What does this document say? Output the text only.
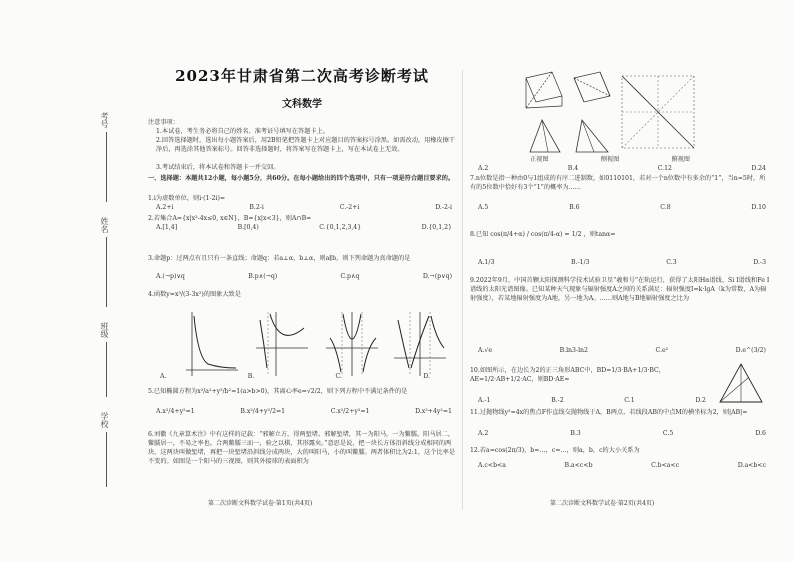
考号
姓名
班级
学校
2023年甘肃省第二次高考诊断考试
文科数学
注意事项：
1.本试卷，考生务必将自己的姓名、准考证号填写在答题卡上。
2.回答选择题时，选出每小题答案后，用2B铅笔把答题卡上对应题目的答案标号涂黑。如需改动，用橡皮擦干净后，再选涂其他答案标号。回答非选择题时，将答案写在答题卡上，写在本试卷上无效。
3.考试结束后，将本试卷和答题卡一并交回。
一、选择题：本题共12小题，每小题5分，共60分。在每小题给出的四个选项中，只有一项是符合题目要求的。
1.i为虚数单位，则i·(1-2i)=
A.2+i	B.2-i	C.-2+i	D.-2-i
2.若集合A={x|x²-4x≤0, x∈N}，B={x|x<3}，则A∩B=
A.[1,4]	B.[0,4)	C.{0,1,2,3,4}	D.{0,1,2}
3.命题p：过两点有且只有一条直线；命题q：若a⊥α，b⊥α，则a∥b，则下列命题为真命题的是
A.(¬p)∨q	B.p∧(¬q)	C.p∧q	D.¬(p∨q)
4.函数y=x³/(3-3x²)的图象大致是
A.	B.	C.	D.
5.已知椭圆方程为x²/a²+y²/b²=1(a>b>0)，其离心率e=√2/2，则下列方程中不满足条件的是
A.x²/4+y²=1	B.x²/4+y²/2=1	C.x²/2+y²=1	D.x²+4y²=1
6.刘徽《九章算术注》中有这样的记载：“邪解立方，得两堑堵。邪解堑堵，其一为阳马，一为鳖臑。阳马居二，鳖臑居一，不易之率也。合两鳖臑三而一，验之以棋，其形露矣。”意思是说，把一块长方体沿斜线分成相同的两块，这两块叫做堑堵，再把一块堑堵沿斜线分成两块，大的叫阳马，小的叫鳖臑。两者体积比为2:1，这个比率是不变的。如图是一个阳马的三视图，则其外接球的表面积为
第二次诊断文科数学试卷·第1页(共4页)
正视图	侧视图	俯视图
A.2	B.4	C.12	D.24
7.n位数是指一种由0与1组成的有序二进制数，如0110101，若对一个n位数中有多余的“1”，当n=5时，所有的5位数中恰好有3个“1”的概率为……
A.5	B.6	C.8	D.10
8.已知 cos(π/4+α) / cos(π/4-α) = 1/2 ，则tanα=
A.1/3	B.-1/3	C.3	D.-3
9.2022年9月，中国首颗太阳探测科学技术试验卫星“羲和号”在轨运行，获得了太阳Hα谱线、Si Ⅰ谱线和Fe Ⅰ谱线的太阳光谱图像。已知某种天气现象与辐射强度A之间的关系满足：辐射强度I=k·lgA（k为常数，A为辐射强度），若某地辐射强度为A地，另一地为A。……则A地与B地辐射强度之比为
A.√e	B.ln3-ln2	C.e²	D.e^(3/2)
10.如图所示，在边长为2的正三角形ABC中，BD=1/3·BA+1/3·BC，AE=1/2·AB+1/2·AC，则BD·AE=
A.-1	B.-2	C.1	D.2
11.过抛物线y²=4x的焦点F作直线交抛物线于A，B两点，若线段AB的中点M的横坐标为2，则|AB|=
A.2	B.3	C.5	D.6
12.若a=cos(2π/3)，b=…，c=…，则a，b，c的大小关系为
A.c<b<a	B.a<c<b	C.b<a<c	D.a<b<c
第二次诊断文科数学试卷·第2页(共4页)
